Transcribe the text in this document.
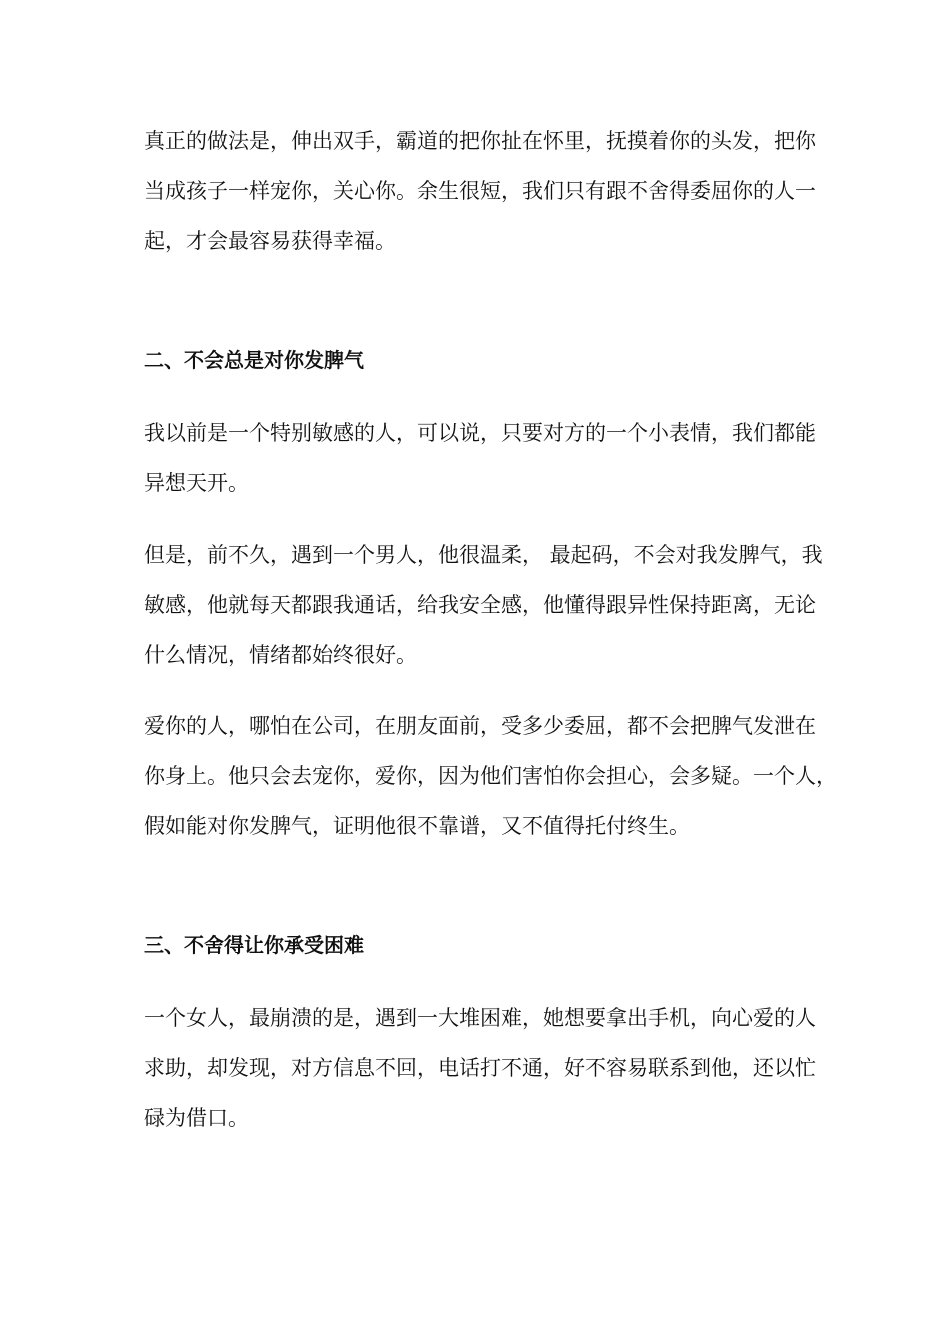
真正的做法是，伸出双手，霸道的把你扯在怀里，抚摸着你的头发，把你
当成孩子一样宠你，关心你。余生很短，我们只有跟不舍得委屈你的人一
起，才会最容易获得幸福。
二、不会总是对你发脾气
我以前是一个特别敏感的人，可以说，只要对方的一个小表情，我们都能
异想天开。
但是，前不久，遇到一个男人，他很温柔， 最起码，不会对我发脾气，我
敏感，他就每天都跟我通话，给我安全感，他懂得跟异性保持距离，无论
什么情况，情绪都始终很好。
爱你的人，哪怕在公司，在朋友面前，受多少委屈，都不会把脾气发泄在
你身上。他只会去宠你，爱你，因为他们害怕你会担心，会多疑。一个人，
假如能对你发脾气，证明他很不靠谱，又不值得托付终生。
三、不舍得让你承受困难
一个女人，最崩溃的是，遇到一大堆困难，她想要拿出手机，向心爱的人
求助，却发现，对方信息不回，电话打不通，好不容易联系到他，还以忙
碌为借口。
